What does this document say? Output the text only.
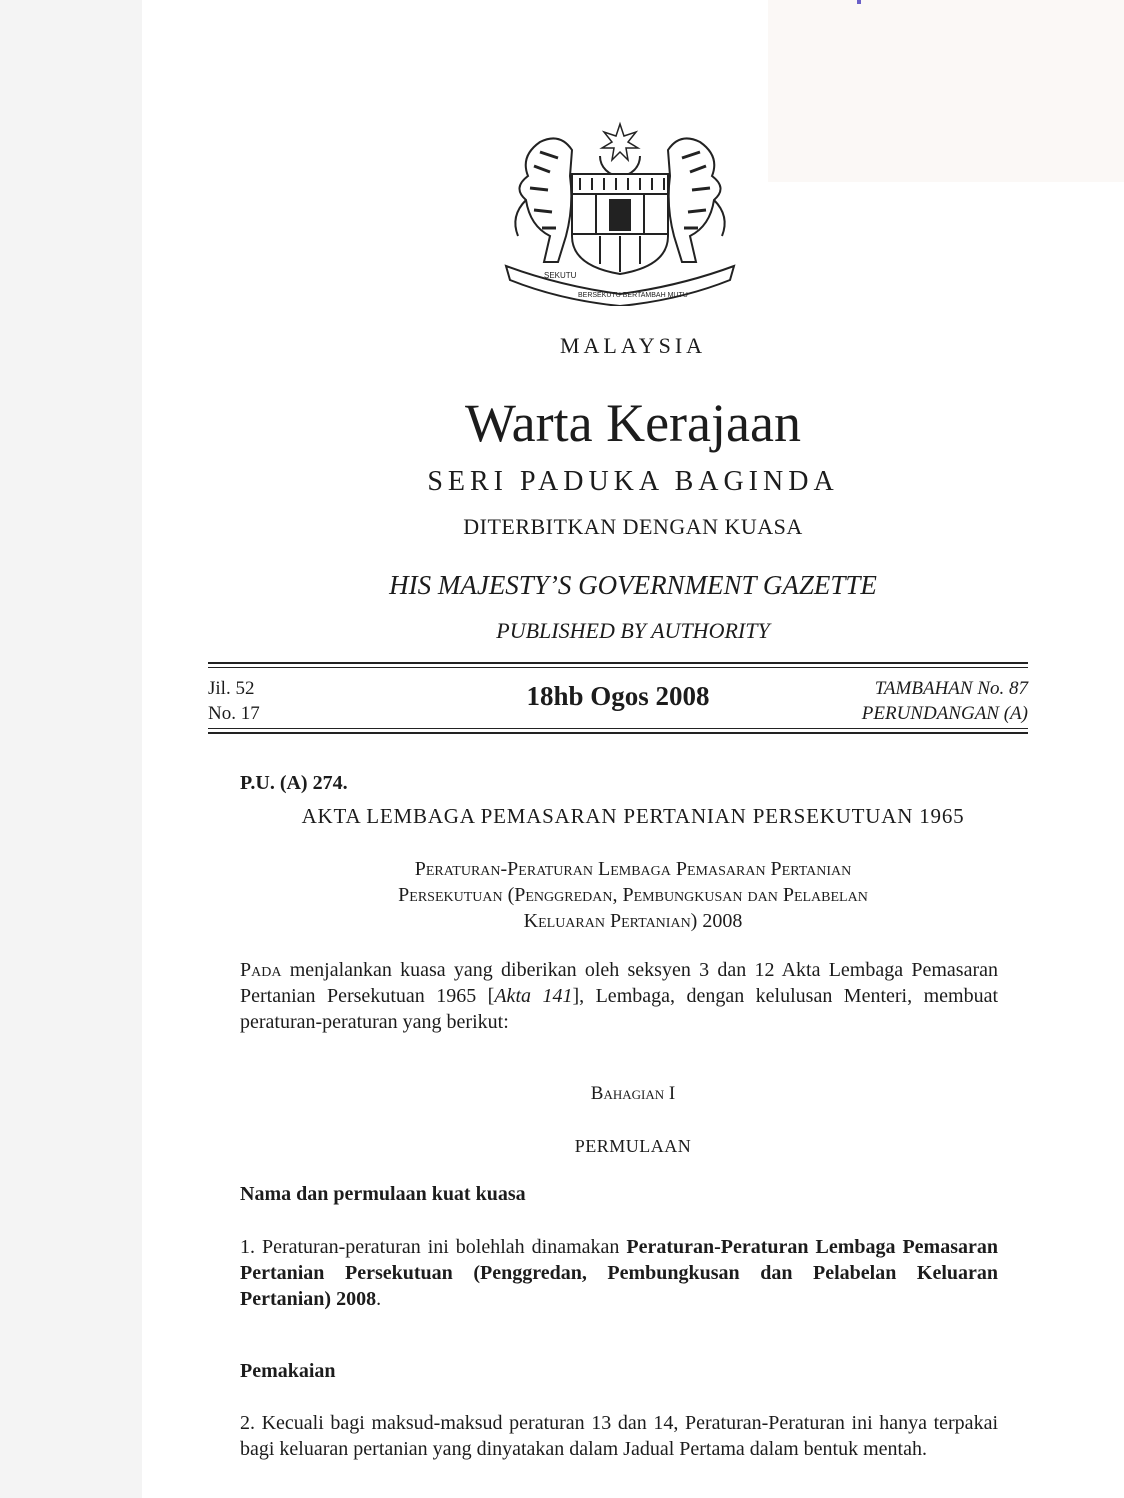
SEKUTU
BERSEKUTU BERTAMBAH MUTU
MALAYSIA
Warta Kerajaan
SERI PADUKA BAGINDA
DITERBITKAN DENGAN KUASA
HIS MAJESTY’S GOVERNMENT GAZETTE
PUBLISHED BY AUTHORITY
Jil. 52
No. 17
18hb Ogos 2008	TAMBAHAN No. 87
PERUNDANGAN (A)
P.U. (A) 274.
AKTA LEMBAGA PEMASARAN PERTANIAN PERSEKUTUAN 1965
Peraturan-Peraturan Lembaga Pemasaran Pertanian
Persekutuan (Penggredan, Pembungkusan dan Pelabelan
Keluaran Pertanian) 2008
Pada menjalankan kuasa yang diberikan oleh seksyen 3 dan 12 Akta Lembaga Pemasaran Pertanian Persekutuan 1965 [Akta 141], Lembaga, dengan kelulusan Menteri, membuat peraturan-peraturan yang berikut:
Bahagian I
PERMULAAN
Nama dan permulaan kuat kuasa
1. Peraturan-peraturan ini bolehlah dinamakan Peraturan-Peraturan Lembaga Pemasaran Pertanian Persekutuan (Penggredan, Pembungkusan dan Pelabelan Keluaran Pertanian) 2008.
Pemakaian
2. Kecuali bagi maksud-maksud peraturan 13 dan 14, Peraturan-Peraturan ini hanya terpakai bagi keluaran pertanian yang dinyatakan dalam Jadual Pertama dalam bentuk mentah.
